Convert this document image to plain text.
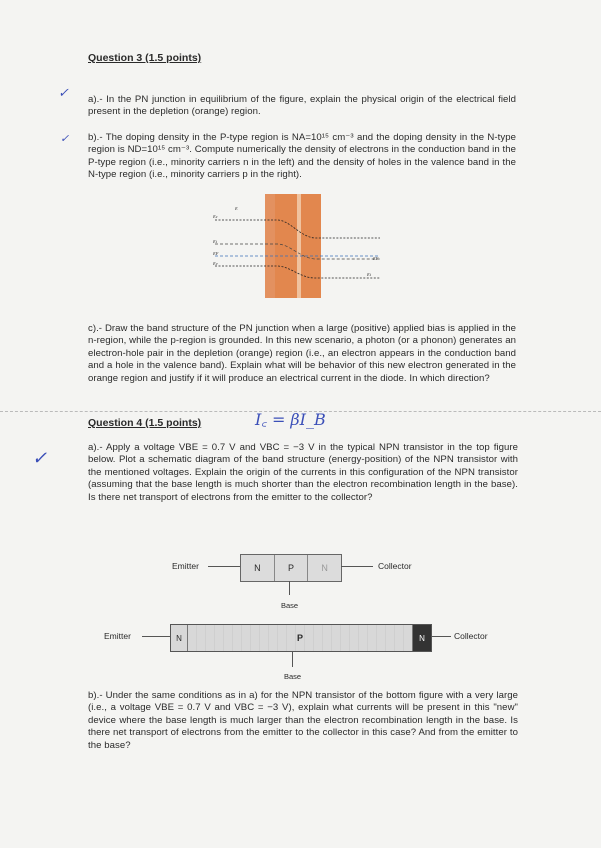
Question 3 (1.5 points)
✓ a).- In the PN junction in equilibrium of the figure, explain the physical origin of the electrical field present in the depletion (orange) region.
✓ b).- The doping density in the P-type region is NA=10¹⁵ cm⁻³ and the doping density in the N-type region is ND=10¹⁵ cm⁻³. Compute numerically the density of electrons in the conduction band in the P-type region (i.e., minority carriers n in the left) and the density of holes in the valence band in the N-type region (i.e., minority carriers p in the right).
E
Ec
Ei
EF
Ev
EF
Ei
c).- Draw the band structure of the PN junction when a large (positive) applied bias is applied in the n-region, while the p-region is grounded. In this new scenario, a photon (or a phonon) generates an electron-hole pair in the depletion (orange) region (i.e., an electron appears in the conduction band and a hole in the valence band). Explain what will be behavior of this new electron generated in the orange region and justify if it will produce an electrical current in the diode. In which direction?
Question 4 (1.5 points)	I꜀ = βI_B
✓
a).- Apply a voltage VBE = 0.7 V and VBC = −3 V in the typical NPN transistor in the top figure below. Plot a schematic diagram of the band structure (energy-position) of the NPN transistor with the mentioned voltages. Explain the origin of the currents in this configuration of the NPN transistor (assuming that the base length is much shorter than the electron recombination length in the base). Is there net transport of electrons from the emitter to the collector?
Emitter	N	P	N	Collector
Base
Emitter	N	P	N	Collector
Base
b).- Under the same conditions as in a) for the NPN transistor of the bottom figure with a very large (i.e., a voltage VBE = 0.7 V and VBC = −3 V), explain what currents will be present in this "new" device where the base length is much larger than the electron recombination length in the base. Is there net transport of electrons from the emitter to the collector in this case? And from the emitter to the base?
